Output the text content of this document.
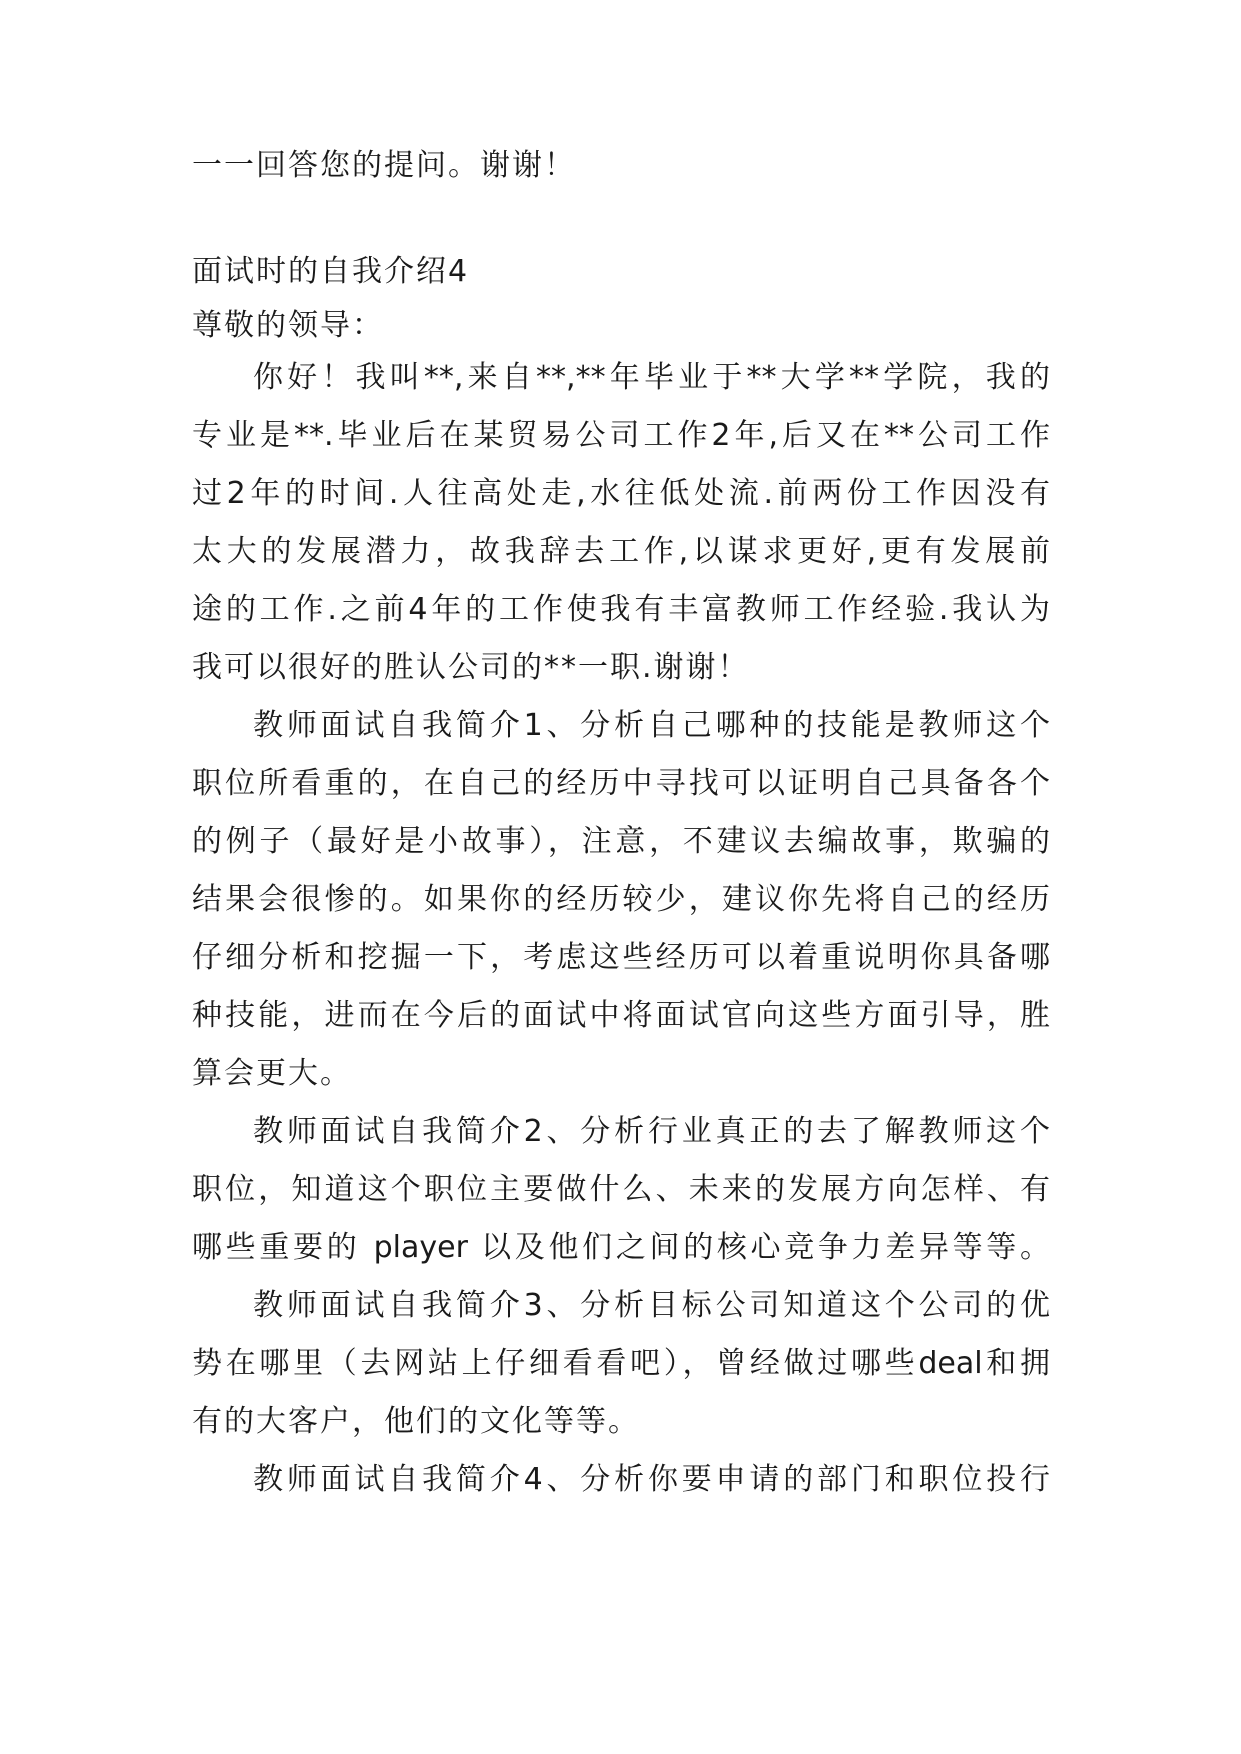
一一回答您的提问。谢谢！
面试时的自我介绍4
尊敬的领导：
你好！我叫**,来自**,**年毕业于**大学**学院，我的
专业是**.毕业后在某贸易公司工作2年,后又在**公司工作
过2年的时间.人往高处走,水往低处流.前两份工作因没有
太大的发展潜力，故我辞去工作,以谋求更好,更有发展前
途的工作.之前4年的工作使我有丰富教师工作经验.我认为
我可以很好的胜认公司的**一职.谢谢！
教师面试自我简介1、分析自己哪种的技能是教师这个
职位所看重的，在自己的经历中寻找可以证明自己具备各个
的例子（最好是小故事），注意，不建议去编故事，欺骗的
结果会很惨的。如果你的经历较少，建议你先将自己的经历
仔细分析和挖掘一下，考虑这些经历可以着重说明你具备哪
种技能，进而在今后的面试中将面试官向这些方面引导，胜
算会更大。
教师面试自我简介2、分析行业真正的去了解教师这个
职位，知道这个职位主要做什么、未来的发展方向怎样、有
哪些重要的 player 以及他们之间的核心竞争力差异等等。
教师面试自我简介3、分析目标公司知道这个公司的优
势在哪里（去网站上仔细看看吧），曾经做过哪些deal和拥
有的大客户，他们的文化等等。
教师面试自我简介4、分析你要申请的部门和职位投行
